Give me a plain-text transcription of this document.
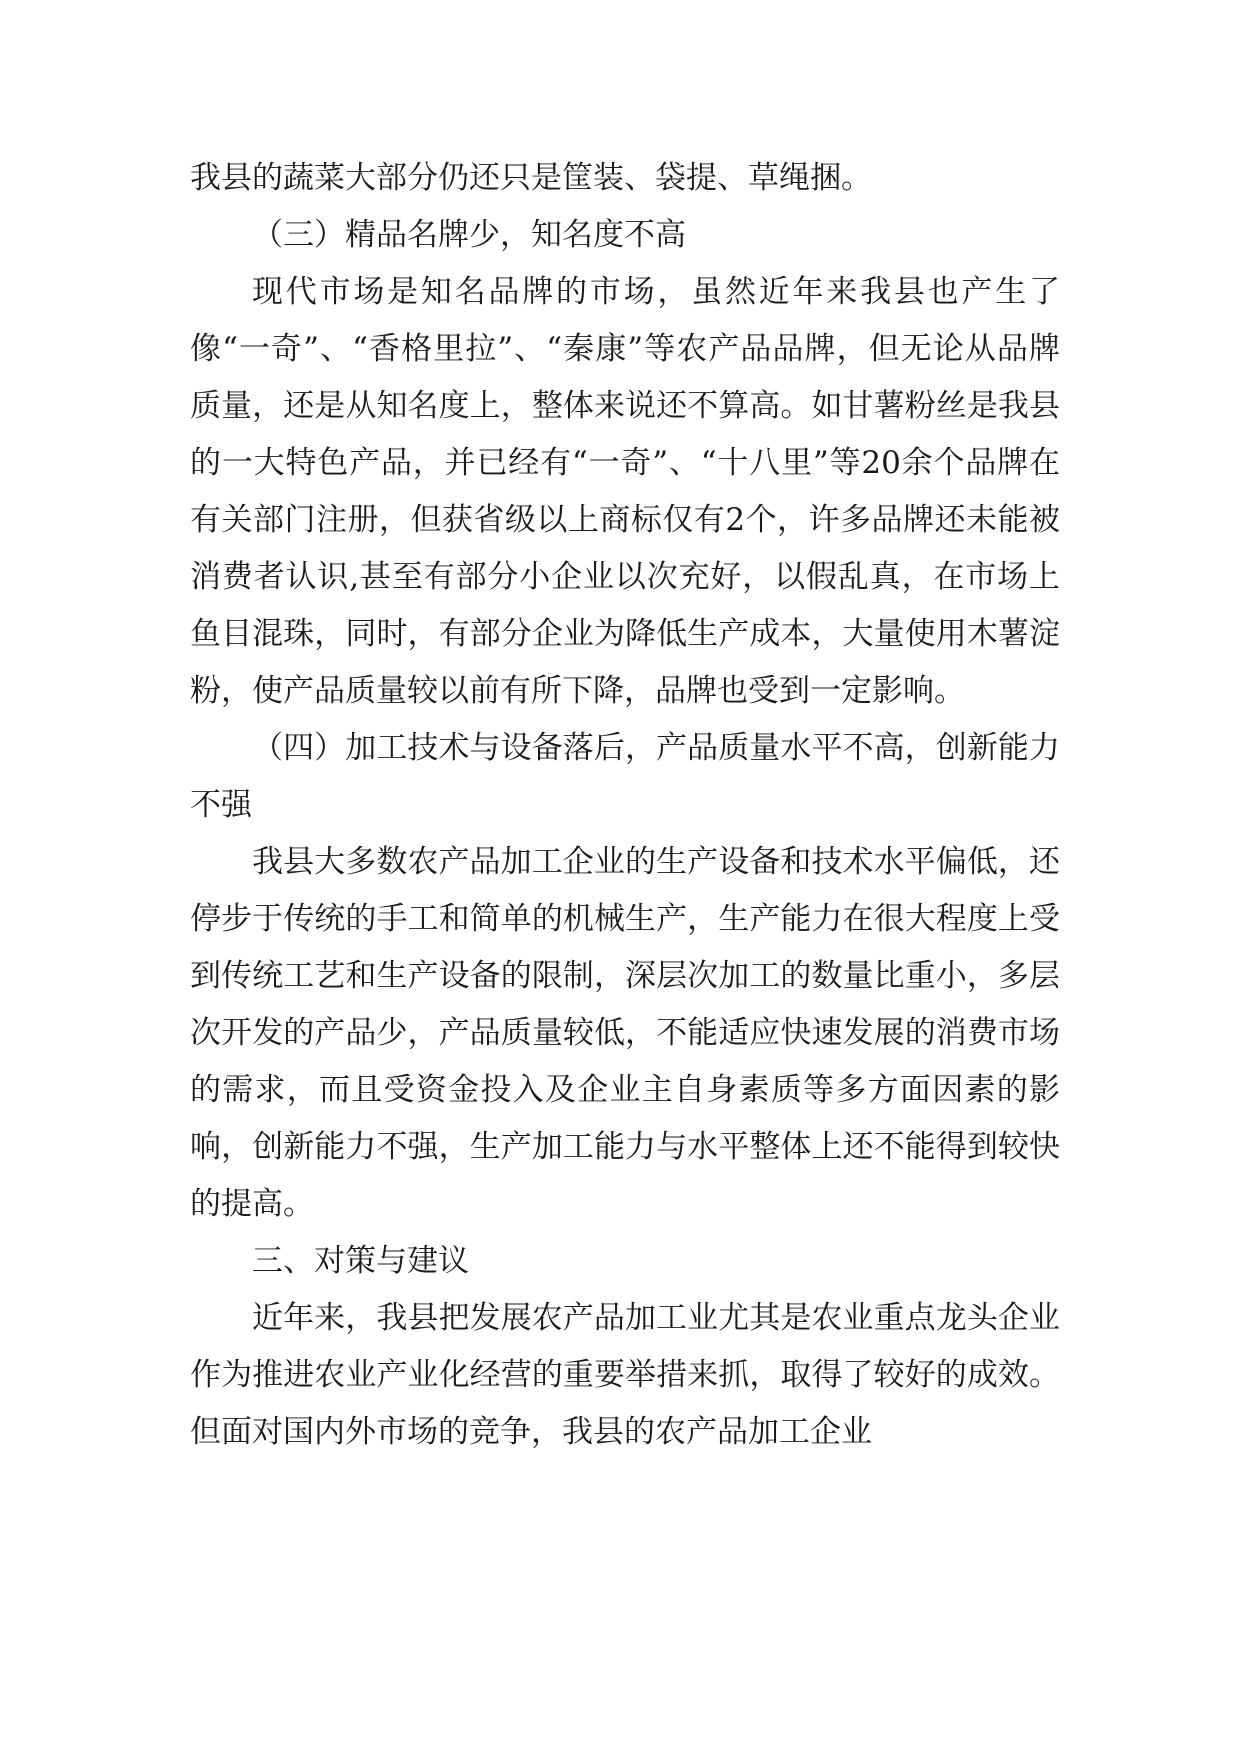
我县的蔬菜大部分仍还只是筐装、袋提、草绳捆。

（三）精品名牌少，知名度不高

现代市场是知名品牌的市场，虽然近年来我县也产生了像“一奇”、“香格里拉”、“秦康”等农产品品牌，但无论从品牌质量，还是从知名度上，整体来说还不算高。如甘薯粉丝是我县的一大特色产品，并已经有“一奇”、“十八里”等20余个品牌在有关部门注册，但获省级以上商标仅有2个，许多品牌还未能被消费者认识,甚至有部分小企业以次充好，以假乱真，在市场上鱼目混珠，同时，有部分企业为降低生产成本，大量使用木薯淀粉，使产品质量较以前有所下降，品牌也受到一定影响。

（四）加工技术与设备落后，产品质量水平不高，创新能力不强

我县大多数农产品加工企业的生产设备和技术水平偏低，还停步于传统的手工和简单的机械生产，生产能力在很大程度上受到传统工艺和生产设备的限制，深层次加工的数量比重小，多层次开发的产品少，产品质量较低，不能适应快速发展的消费市场的需求，而且受资金投入及企业主自身素质等多方面因素的影响，创新能力不强，生产加工能力与水平整体上还不能得到较快的提高。

三、对策与建议

近年来，我县把发展农产品加工业尤其是农业重点龙头企业作为推进农业产业化经营的重要举措来抓，取得了较好的成效。但面对国内外市场的竞争，我县的农产品加工企业
